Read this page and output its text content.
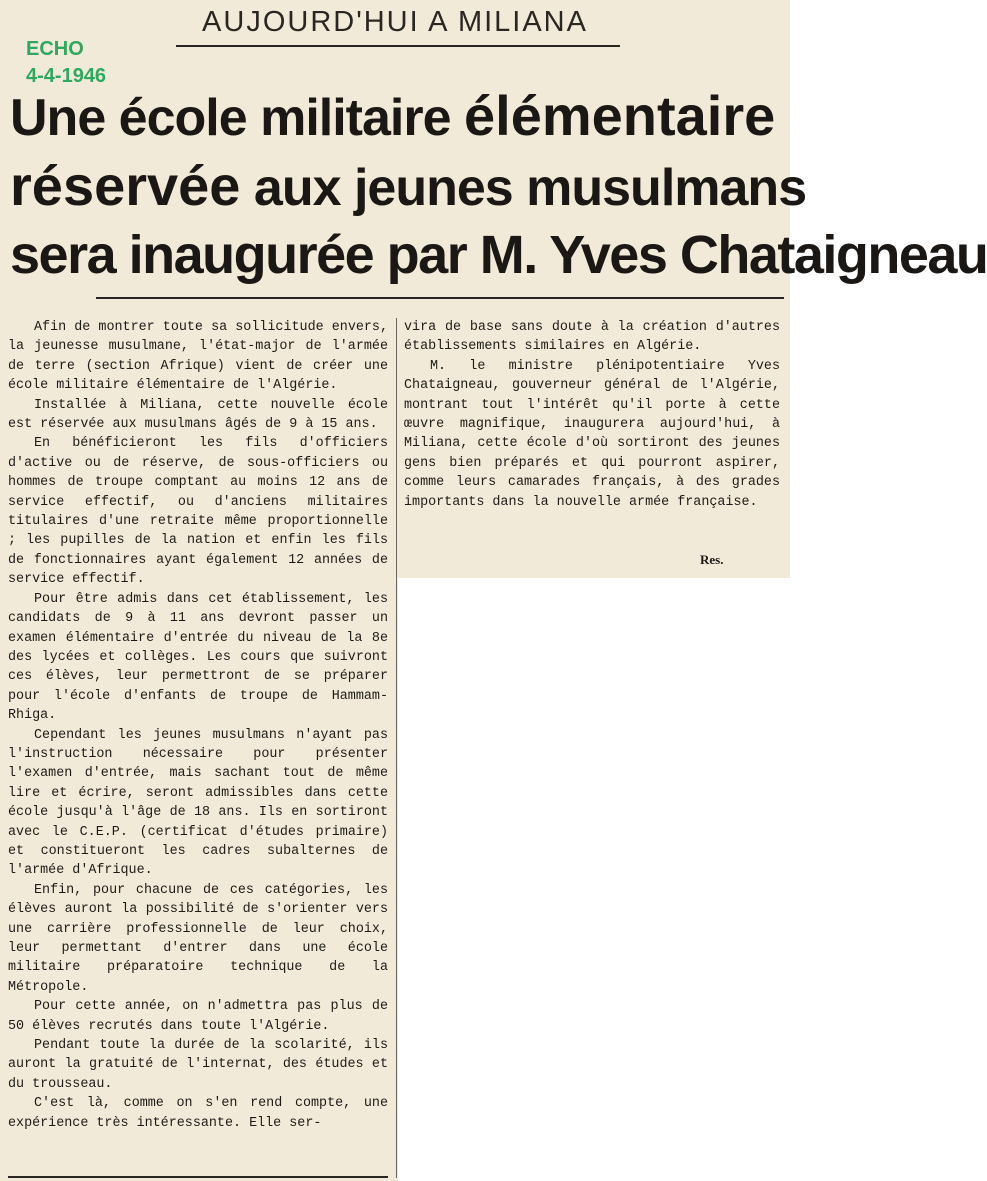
AUJOURD'HUI A MILIANA
ECHO
4-4-1946
Une école militaire élémentaire
réservée aux jeunes musulmans
sera inaugurée par M. Yves Chataigneau

Afin de montrer toute sa sollicitude envers, la jeunesse musulmane, l'état-major de l'armée de terre (section Afrique) vient de créer une école militaire élémentaire de l'Algérie.

Installée à Miliana, cette nouvelle école est réservée aux musulmans âgés de 9 à 15 ans.

En bénéficieront les fils d'officiers d'active ou de réserve, de sous-officiers ou hommes de troupe comptant au moins 12 ans de service effectif, ou d'anciens militaires titulaires d'une retraite même proportionnelle ; les pupilles de la nation et enfin les fils de fonctionnaires ayant également 12 années de service effectif.

Pour être admis dans cet établissement, les candidats de 9 à 11 ans devront passer un examen élémentaire d'entrée du niveau de la 8e des lycées et collèges. Les cours que suivront ces élèves, leur permettront de se préparer pour l'école d'enfants de troupe de Hammam-Rhiga.

Cependant les jeunes musulmans n'ayant pas l'instruction nécessaire pour présenter l'examen d'entrée, mais sachant tout de même lire et écrire, seront admissibles dans cette école jusqu'à l'âge de 18 ans. Ils en sortiront avec le C.E.P. (certificat d'études primaire) et constitueront les cadres subalternes de l'armée d'Afrique.

Enfin, pour chacune de ces catégories, les élèves auront la possibilité de s'orienter vers une carrière professionnelle de leur choix, leur permettant d'entrer dans une école militaire préparatoire technique de la Métropole.

Pour cette année, on n'admettra pas plus de 50 élèves recrutés dans toute l'Algérie.

Pendant toute la durée de la scolarité, ils auront la gratuité de l'internat, des études et du trousseau.

C'est là, comme on s'en rend compte, une expérience très intéressante. Elle ser-

vira de base sans doute à la création d'autres établissements similaires en Algérie.

M. le ministre plénipotentiaire Yves Chataigneau, gouverneur général de l'Algérie, montrant tout l'intérêt qu'il porte à cette œuvre magnifique, inaugurera aujourd'hui, à Miliana, cette école d'où sortiront des jeunes gens bien préparés et qui pourront aspirer, comme leurs camarades français, à des grades importants dans la nouvelle armée française.

Res.
